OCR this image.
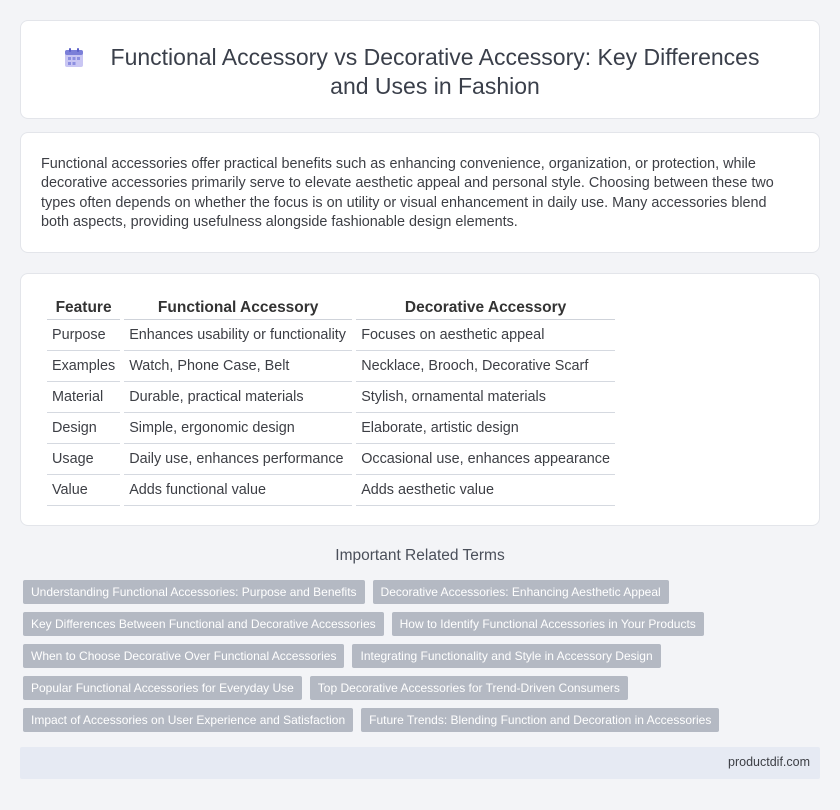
Functional Accessory vs Decorative Accessory: Key Differences and Uses in Fashion

Functional accessories offer practical benefits such as enhancing convenience, organization, or protection, while decorative accessories primarily serve to elevate aesthetic appeal and personal style. Choosing between these two types often depends on whether the focus is on utility or visual enhancement in daily use. Many accessories blend both aspects, providing usefulness alongside fashionable design elements.

Feature	Functional Accessory	Decorative Accessory
Purpose	Enhances usability or functionality	Focuses on aesthetic appeal
Examples	Watch, Phone Case, Belt	Necklace, Brooch, Decorative Scarf
Material	Durable, practical materials	Stylish, ornamental materials
Design	Simple, ergonomic design	Elaborate, artistic design
Usage	Daily use, enhances performance	Occasional use, enhances appearance
Value	Adds functional value	Adds aesthetic value
Important Related Terms
Understanding Functional Accessories: Purpose and Benefits	Decorative Accessories: Enhancing Aesthetic Appeal
Key Differences Between Functional and Decorative Accessories	How to Identify Functional Accessories in Your Products
When to Choose Decorative Over Functional Accessories	Integrating Functionality and Style in Accessory Design
Popular Functional Accessories for Everyday Use	Top Decorative Accessories for Trend-Driven Consumers
Impact of Accessories on User Experience and Satisfaction	Future Trends: Blending Function and Decoration in Accessories
productdif.com
